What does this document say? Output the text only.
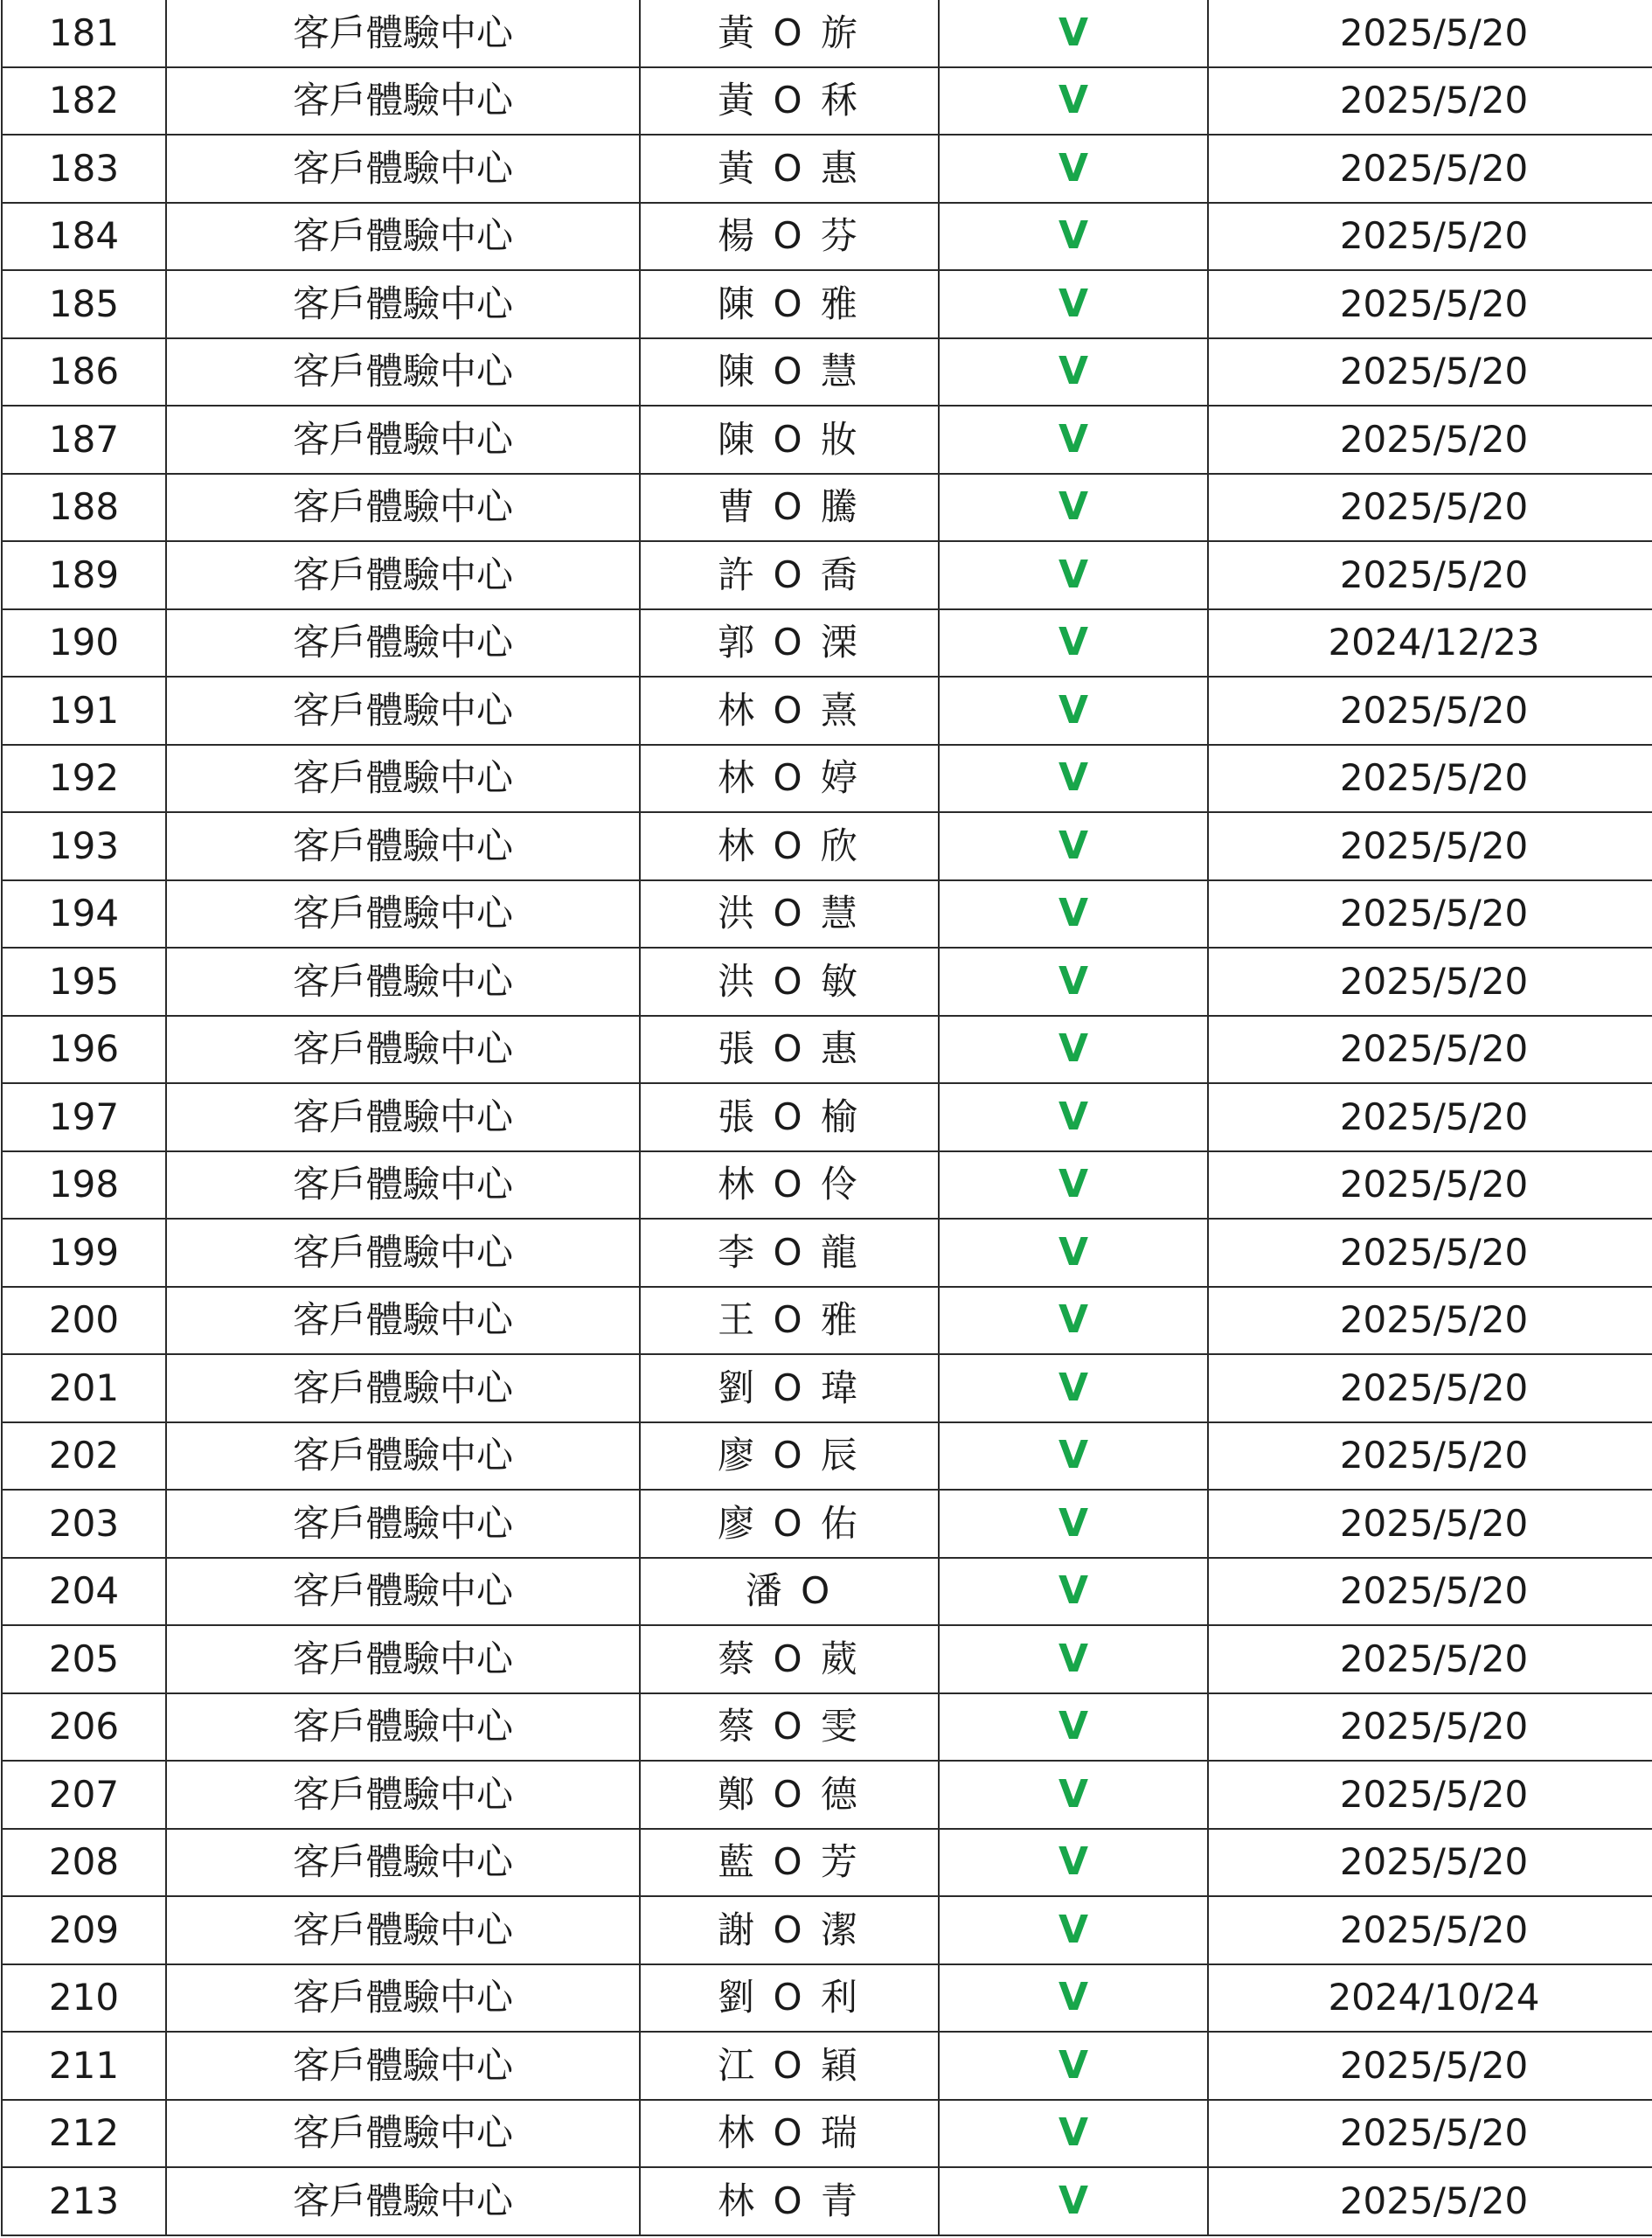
181	客戶體驗中心	黃 O 旂	V	2025/5/20
182	客戶體驗中心	黃 O 秝	V	2025/5/20
183	客戶體驗中心	黃 O 惠	V	2025/5/20
184	客戶體驗中心	楊 O 芬	V	2025/5/20
185	客戶體驗中心	陳 O 雅	V	2025/5/20
186	客戶體驗中心	陳 O 慧	V	2025/5/20
187	客戶體驗中心	陳 O 妝	V	2025/5/20
188	客戶體驗中心	曹 O 騰	V	2025/5/20
189	客戶體驗中心	許 O 喬	V	2025/5/20
190	客戶體驗中心	郭 O 溧	V	2024/12/23
191	客戶體驗中心	林 O 熹	V	2025/5/20
192	客戶體驗中心	林 O 婷	V	2025/5/20
193	客戶體驗中心	林 O 欣	V	2025/5/20
194	客戶體驗中心	洪 O 慧	V	2025/5/20
195	客戶體驗中心	洪 O 敏	V	2025/5/20
196	客戶體驗中心	張 O 惠	V	2025/5/20
197	客戶體驗中心	張 O 榆	V	2025/5/20
198	客戶體驗中心	林 O 伶	V	2025/5/20
199	客戶體驗中心	李 O 龍	V	2025/5/20
200	客戶體驗中心	王 O 雅	V	2025/5/20
201	客戶體驗中心	劉 O 瑋	V	2025/5/20
202	客戶體驗中心	廖 O 辰	V	2025/5/20
203	客戶體驗中心	廖 O 佑	V	2025/5/20
204	客戶體驗中心	潘 O	V	2025/5/20
205	客戶體驗中心	蔡 O 葳	V	2025/5/20
206	客戶體驗中心	蔡 O 雯	V	2025/5/20
207	客戶體驗中心	鄭 O 德	V	2025/5/20
208	客戶體驗中心	藍 O 芳	V	2025/5/20
209	客戶體驗中心	謝 O 潔	V	2025/5/20
210	客戶體驗中心	劉 O 利	V	2024/10/24
211	客戶體驗中心	江 O 穎	V	2025/5/20
212	客戶體驗中心	林 O 瑞	V	2025/5/20
213	客戶體驗中心	林 O 青	V	2025/5/20
